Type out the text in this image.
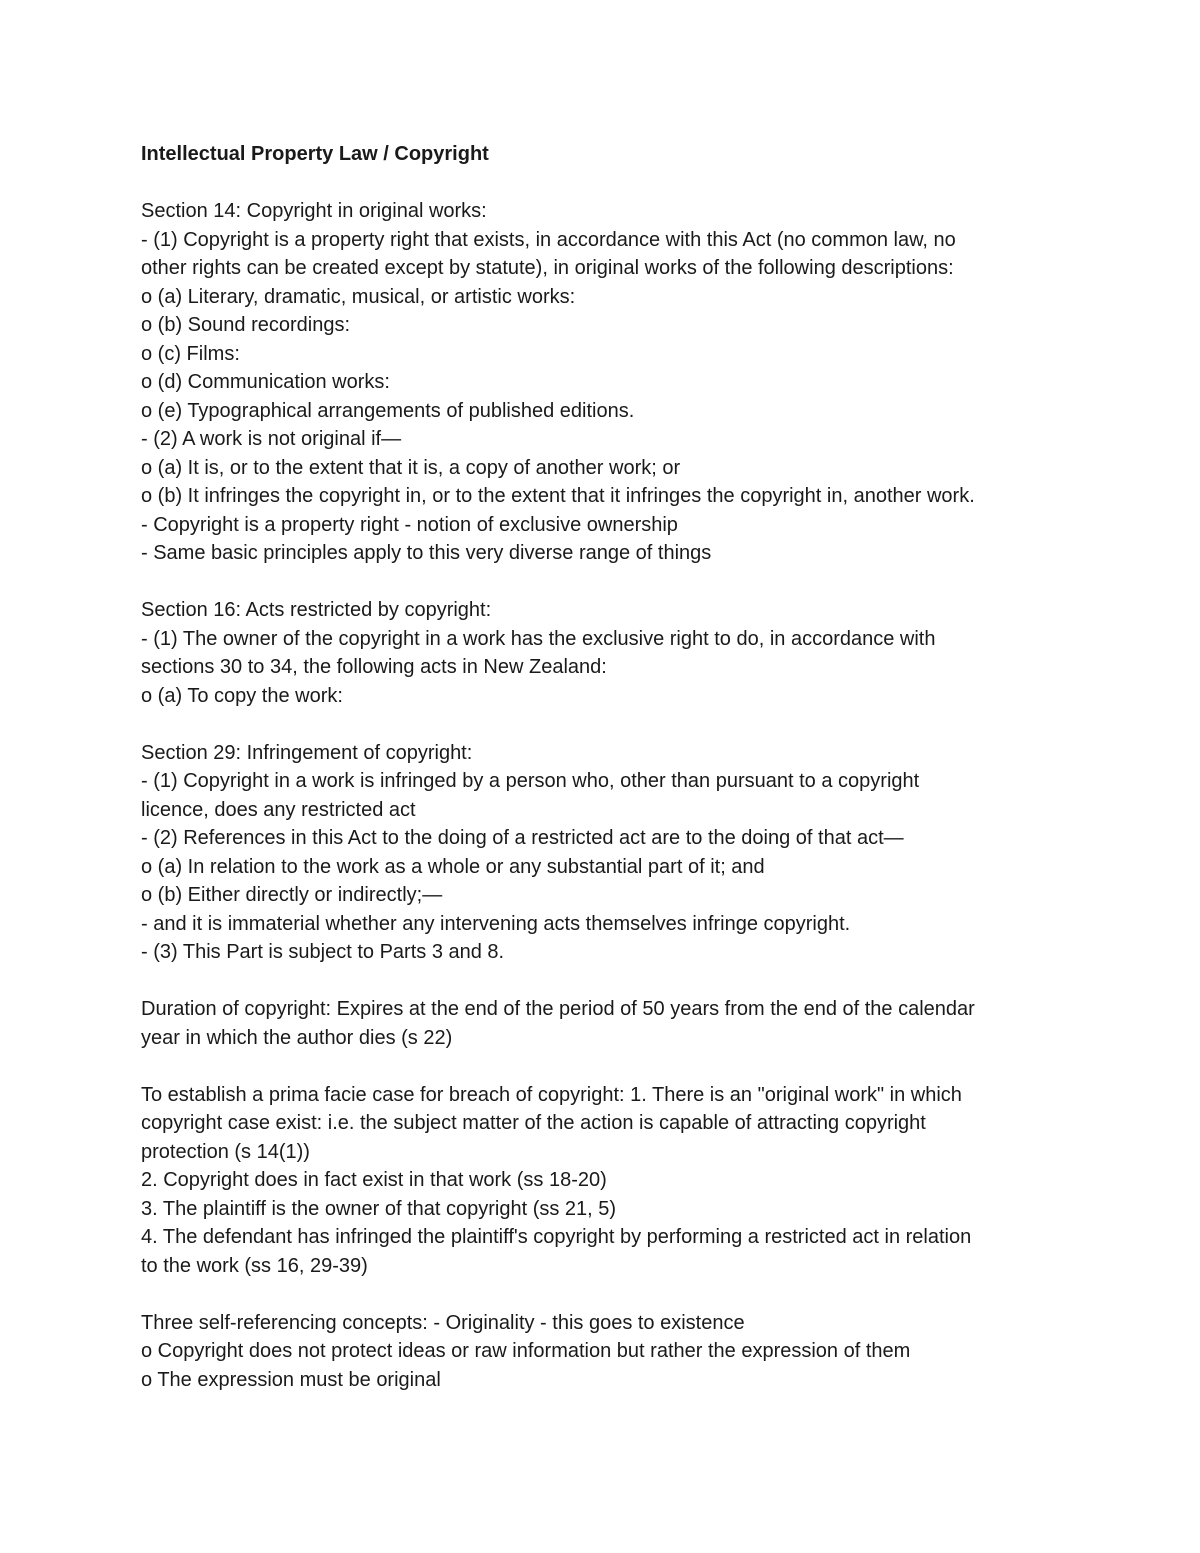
Intellectual Property Law / Copyright

Section 14: Copyright in original works:

- (1) Copyright is a property right that exists, in accordance with this Act (no common law, no

other rights can be created except by statute), in original works of the following descriptions:

o (a) Literary, dramatic, musical, or artistic works:

o (b) Sound recordings:

o (c) Films:

o (d) Communication works:

o (e) Typographical arrangements of published editions.

- (2) A work is not original if—

o (a) It is, or to the extent that it is, a copy of another work; or

o (b) It infringes the copyright in, or to the extent that it infringes the copyright in, another work.

- Copyright is a property right - notion of exclusive ownership

- Same basic principles apply to this very diverse range of things

Section 16: Acts restricted by copyright:

- (1) The owner of the copyright in a work has the exclusive right to do, in accordance with

sections 30 to 34, the following acts in New Zealand:

o (a) To copy the work:

Section 29: Infringement of copyright:

- (1) Copyright in a work is infringed by a person who, other than pursuant to a copyright

licence, does any restricted act

- (2) References in this Act to the doing of a restricted act are to the doing of that act—

o (a) In relation to the work as a whole or any substantial part of it; and

o (b) Either directly or indirectly;—

- and it is immaterial whether any intervening acts themselves infringe copyright.

- (3) This Part is subject to Parts 3 and 8.

Duration of copyright: Expires at the end of the period of 50 years from the end of the calendar

year in which the author dies (s 22)

To establish a prima facie case for breach of copyright: 1. There is an "original work" in which

copyright case exist: i.e. the subject matter of the action is capable of attracting copyright

protection (s 14(1))

2. Copyright does in fact exist in that work (ss 18-20)

3. The plaintiff is the owner of that copyright (ss 21, 5)

4. The defendant has infringed the plaintiff's copyright by performing a restricted act in relation

to the work (ss 16, 29-39)

Three self-referencing concepts: - Originality - this goes to existence

o Copyright does not protect ideas or raw information but rather the expression of them

o The expression must be original
